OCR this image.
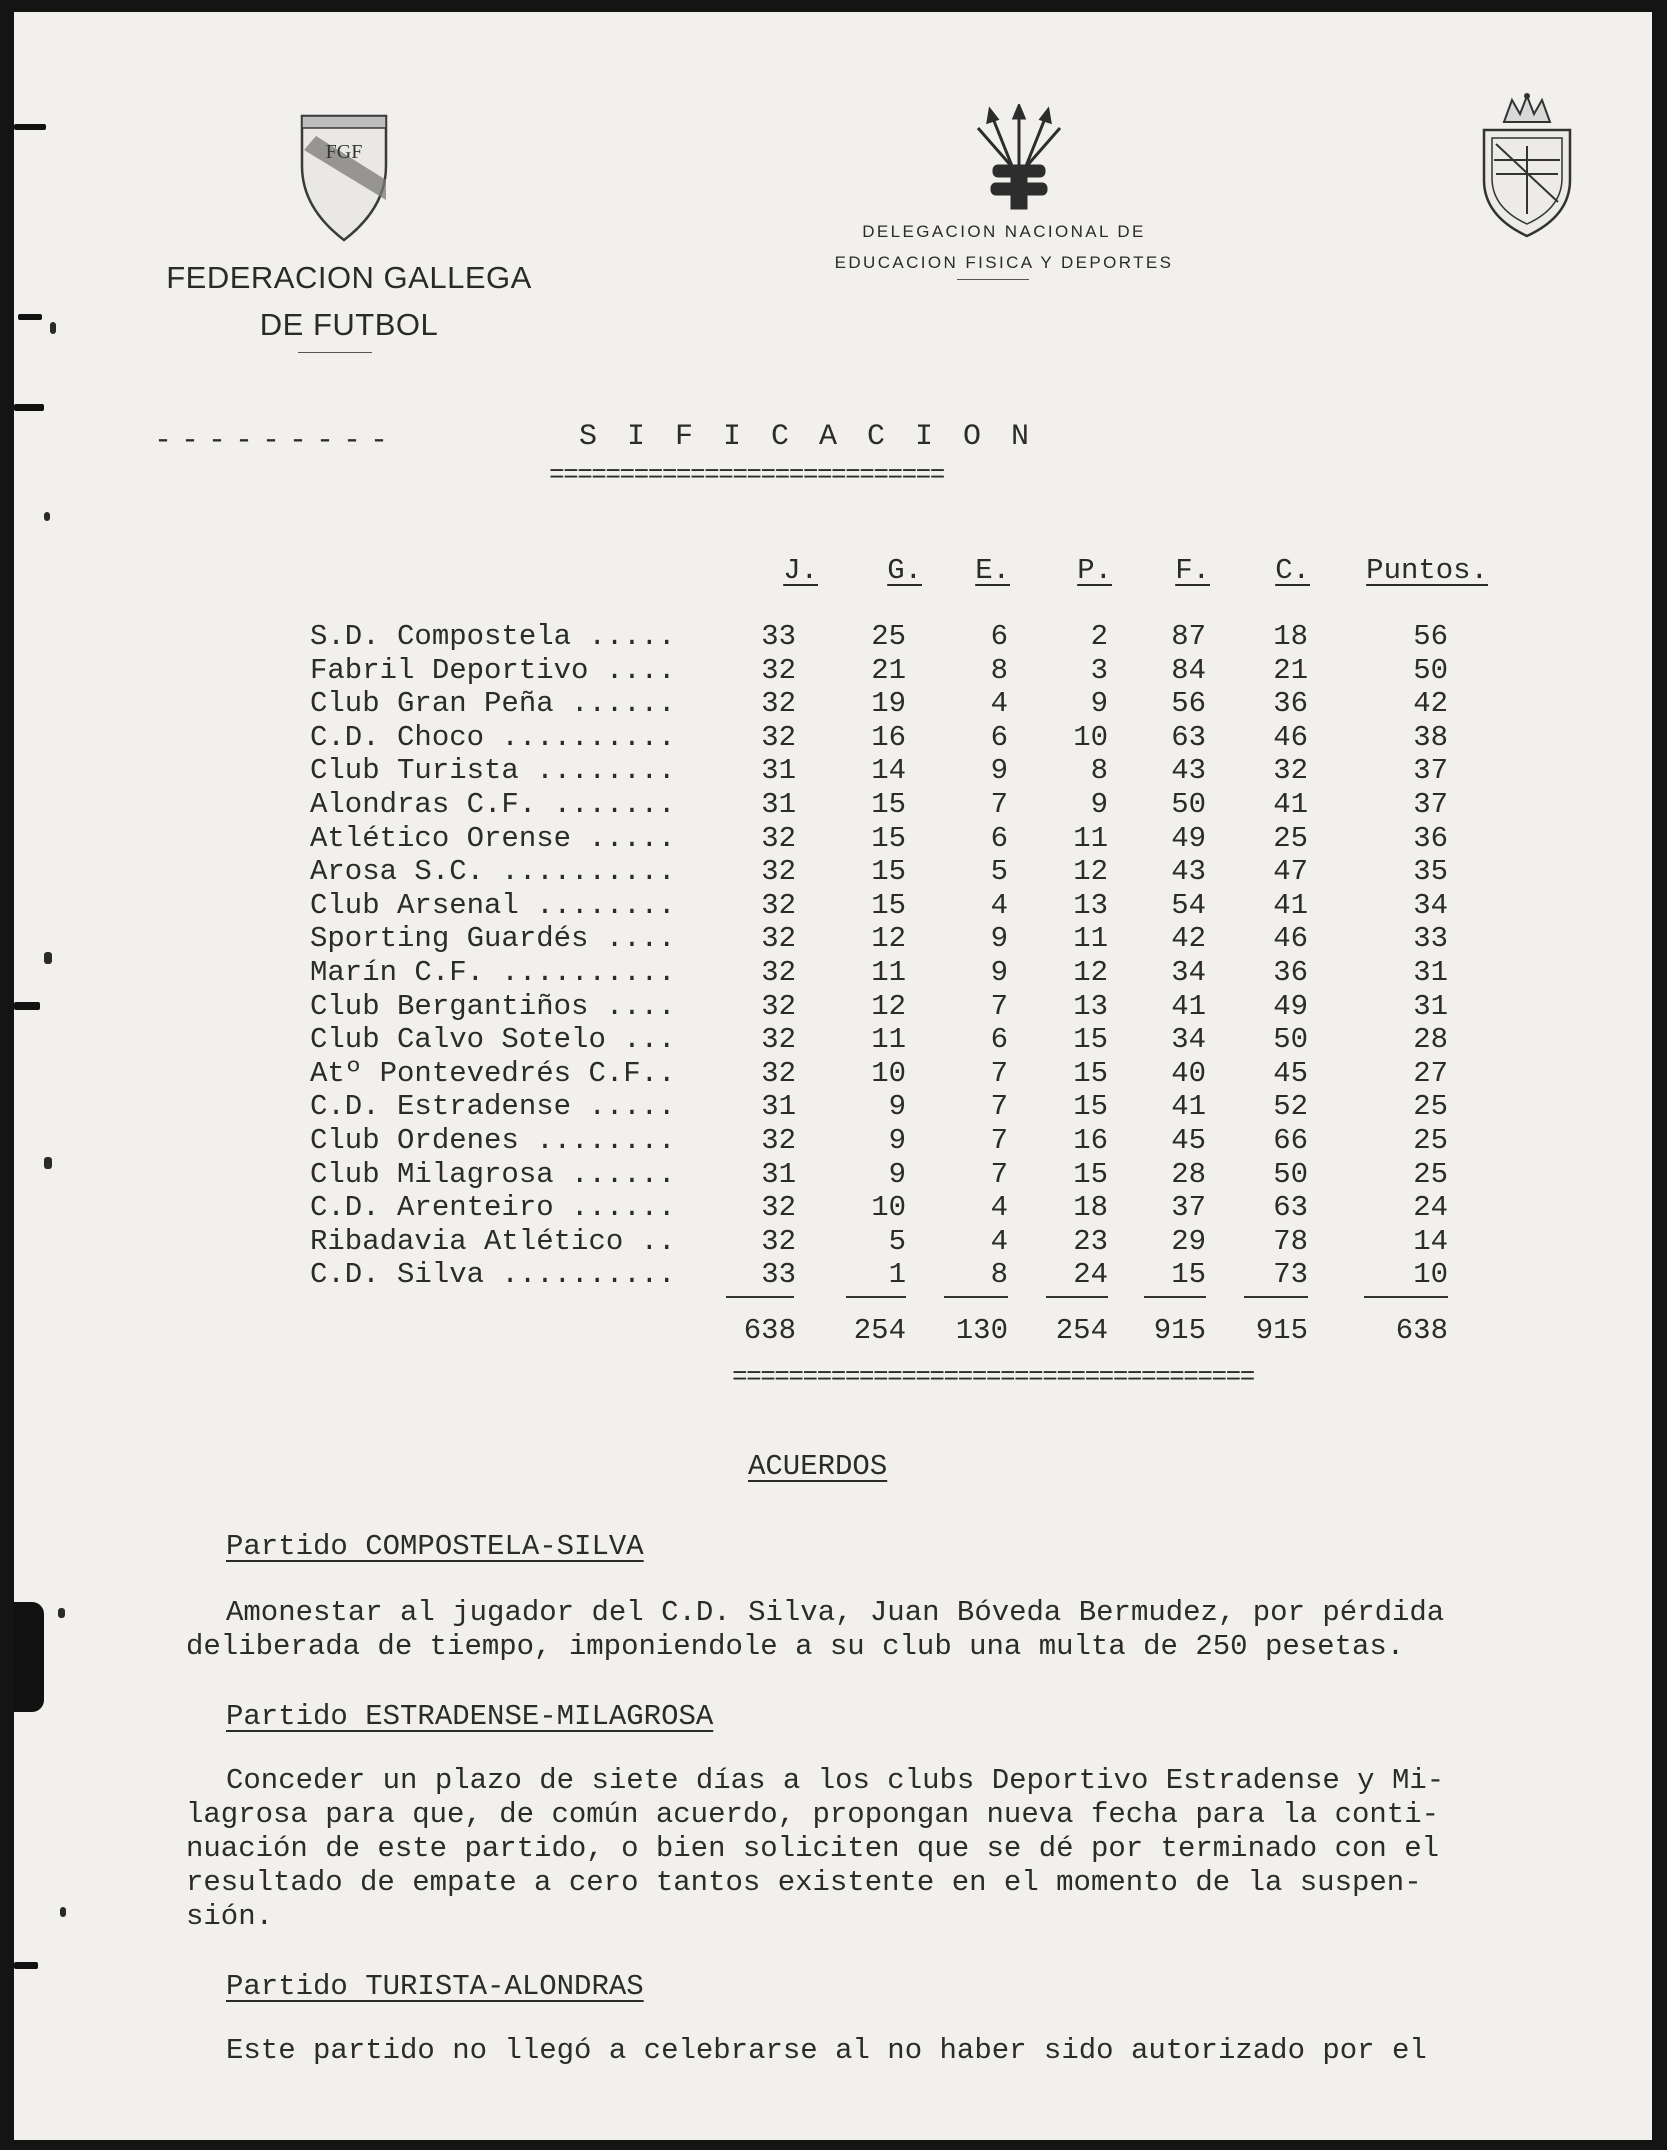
FGF
FEDERACION GALLEGA
DE FUTBOL
DELEGACION NACIONAL DE
EDUCACION FISICA Y DEPORTES
---------	SIFICACION
============================
J.	G.	E.	P.	F.	C.	Puntos.
S.D. Compostela .....	33	25	6	2	87	18	56
Fabril Deportivo ....	32	21	8	3	84	21	50
Club Gran Peña ......	32	19	4	9	56	36	42
C.D. Choco ..........	32	16	6	10	63	46	38
Club Turista ........	31	14	9	8	43	32	37
Alondras C.F. .......	31	15	7	9	50	41	37
Atlético Orense .....	32	15	6	11	49	25	36
Arosa S.C. ..........	32	15	5	12	43	47	35
Club Arsenal ........	32	15	4	13	54	41	34
Sporting Guardés ....	32	12	9	11	42	46	33
Marín C.F. ..........	32	11	9	12	34	36	31
Club Bergantiños ....	32	12	7	13	41	49	31
Club Calvo Sotelo ...	32	11	6	15	34	50	28
Atº Pontevedrés C.F..	32	10	7	15	40	45	27
C.D. Estradense .....	31	9	7	15	41	52	25
Club Ordenes ........	32	9	7	16	45	66	25
Club Milagrosa ......	31	9	7	15	28	50	25
C.D. Arenteiro ......	32	10	4	18	37	63	24
Ribadavia Atlético ..	32	5	4	23	29	78	14
C.D. Silva ..........	33	1	8	24	15	73	10
638	254	130	254	915	915	638
=====================================
ACUERDOS
Partido COMPOSTELA-SILVA
Amonestar al jugador del C.D. Silva, Juan Bóveda Bermudez, por pérdida
deliberada de tiempo, imponiendole a su club una multa de 250 pesetas.
Partido ESTRADENSE-MILAGROSA
Conceder un plazo de siete días a los clubs Deportivo Estradense y Mi-
lagrosa para que, de común acuerdo, propongan nueva fecha para la conti-
nuación de este partido, o bien soliciten que se dé por terminado con el
resultado de empate a cero tantos existente en el momento de la suspen-
sión.
Partido TURISTA-ALONDRAS
Este partido no llegó a celebrarse al no haber sido autorizado por el
